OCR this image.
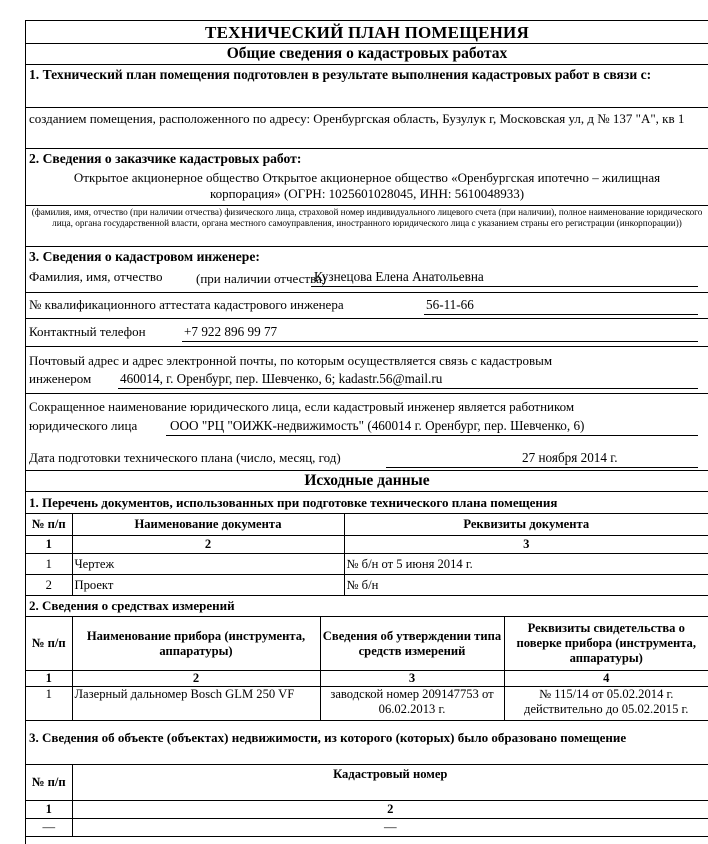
ТЕХНИЧЕСКИЙ ПЛАН ПОМЕЩЕНИЯ
Общие сведения о кадастровых работах
1. Технический план помещения подготовлен в результате выполнения кадастровых работ в связи с:
созданием помещения, расположенного по адресу: Оренбургская область, Бузулук г, Московская ул, д № 137 "А", кв 1
2. Сведения о заказчике кадастровых работ:
Открытое акционерное общество Открытое акционерное общество «Оренбургская ипотечно – жилищная корпорация» (ОГРН: 1025601028045, ИНН: 5610048933)
(фамилия, имя, отчество (при наличии отчества) физического лица, страховой номер индивидуального лицевого счета (при наличии), полное наименование юридического лица, органа государственной власти, органа местного самоуправления, иностранного юридического лица с указанием страны его регистрации (инкорпорации))
3. Сведения о кадастровом инженере:
Фамилия, имя, отчество	(при наличии отчества)
Кузнецова Елена Анатольевна
№ квалификационного аттестата кадастрового инженера	56-11-66
Контактный телефон	+7 922 896 99 77
Почтовый адрес и адрес электронной почты, по которым осуществляется связь с кадастровым
инженером 460014, г. Оренбург, пер. Шевченко, 6; kadastr.56@mail.ru
Сокращенное наименование юридического лица, если кадастровый инженер является работником
юридического лица ООО "РЦ "ОИЖК-недвижимость" (460014 г. Оренбург, пер. Шевченко, 6)
Дата подготовки технического плана (число, месяц, год)	27 ноября 2014 г.
Исходные данные
1. Перечень документов, использованных при подготовке технического плана помещения
№ п/п	Наименование документа	Реквизиты документа
1	2	3
1	Чертеж	№ б/н от 5 июня 2014 г.
2	Проект	№ б/н
2. Сведения о средствах измерений
№ п/п	Наименование прибора (инструмента, аппаратуры)	Сведения об утверждении типа средств измерений	Реквизиты свидетельства о поверке прибора (инструмента, аппаратуры)
1	2	3	4
1	Лазерный дальномер Bosch GLM 250 VF	заводской номер 209147753 от 06.02.2013 г.	№ 115/14 от 05.02.2014 г. действительно до 05.02.2015 г.
3. Сведения об объекте (объектах) недвижимости, из которого (которых) было образовано помещение
№ п/п	Кадастровый номер
1	2
—	—
